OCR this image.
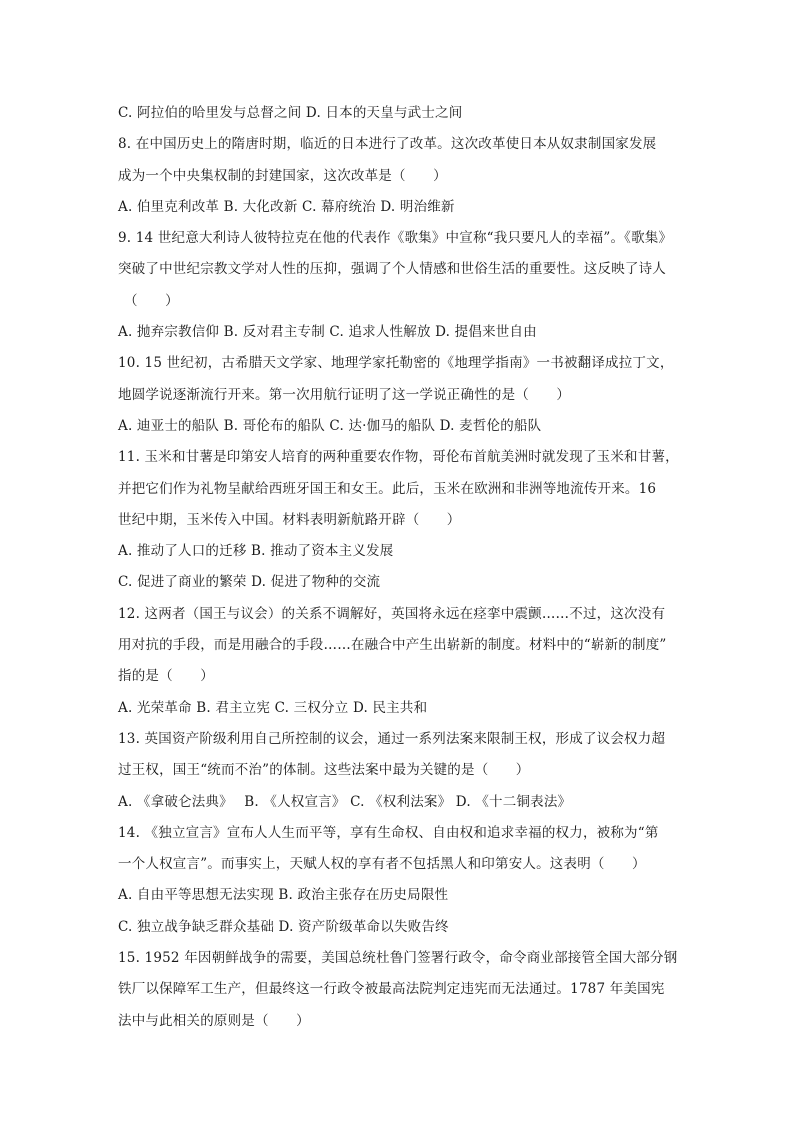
C. 阿拉伯的哈里发与总督之间 D. 日本的天皇与武士之间
8. 在中国历史上的隋唐时期，临近的日本进行了改革。这次改革使日本从奴隶制国家发展
成为一个中央集权制的封建国家，这次改革是（　　）
A. 伯里克利改革 B. 大化改新 C. 幕府统治 D. 明治维新
9. 14 世纪意大利诗人彼特拉克在他的代表作《歌集》中宣称“我只要凡人的幸福”。《歌集》
突破了中世纪宗教文学对人性的压抑，强调了个人情感和世俗生活的重要性。这反映了诗人
（　　）
A. 抛弃宗教信仰 B. 反对君主专制 C. 追求人性解放 D. 提倡来世自由
10. 15 世纪初，古希腊天文学家、地理学家托勒密的《地理学指南》一书被翻译成拉丁文，
地圆学说逐渐流行开来。第一次用航行证明了这一学说正确性的是（　　）
A. 迪亚士的船队 B. 哥伦布的船队 C. 达·伽马的船队 D. 麦哲伦的船队
11. 玉米和甘薯是印第安人培育的两种重要农作物，哥伦布首航美洲时就发现了玉米和甘薯，
并把它们作为礼物呈献给西班牙国王和女王。此后，玉米在欧洲和非洲等地流传开来。16
世纪中期，玉米传入中国。材料表明新航路开辟（　　）
A. 推动了人口的迁移 B. 推动了资本主义发展
C. 促进了商业的繁荣 D. 促进了物种的交流
12. 这两者（国王与议会）的关系不调解好，英国将永远在痉挛中震颤……不过，这次没有
用对抗的手段，而是用融合的手段……在融合中产生出崭新的制度。材料中的“崭新的制度”
指的是（　　）
A. 光荣革命 B. 君主立宪 C. 三权分立 D. 民主共和
13. 英国资产阶级利用自己所控制的议会，通过一系列法案来限制王权，形成了议会权力超
过王权，国王“统而不治”的体制。这些法案中最为关键的是（　　）
A. 《拿破仑法典》　 B. 《人权宣言》 C. 《权利法案》 D. 《十二铜表法》
14. 《独立宣言》宣布人人生而平等，享有生命权、自由权和追求幸福的权力，被称为“第
一个人权宣言”。而事实上，天赋人权的享有者不包括黑人和印第安人。这表明（　　）
A. 自由平等思想无法实现 B. 政治主张存在历史局限性
C. 独立战争缺乏群众基础 D. 资产阶级革命以失败告终
15. 1952 年因朝鲜战争的需要，美国总统杜鲁门签署行政令，命令商业部接管全国大部分钢
铁厂以保障军工生产，但最终这一行政令被最高法院判定违宪而无法通过。1787 年美国宪
法中与此相关的原则是（　　）
